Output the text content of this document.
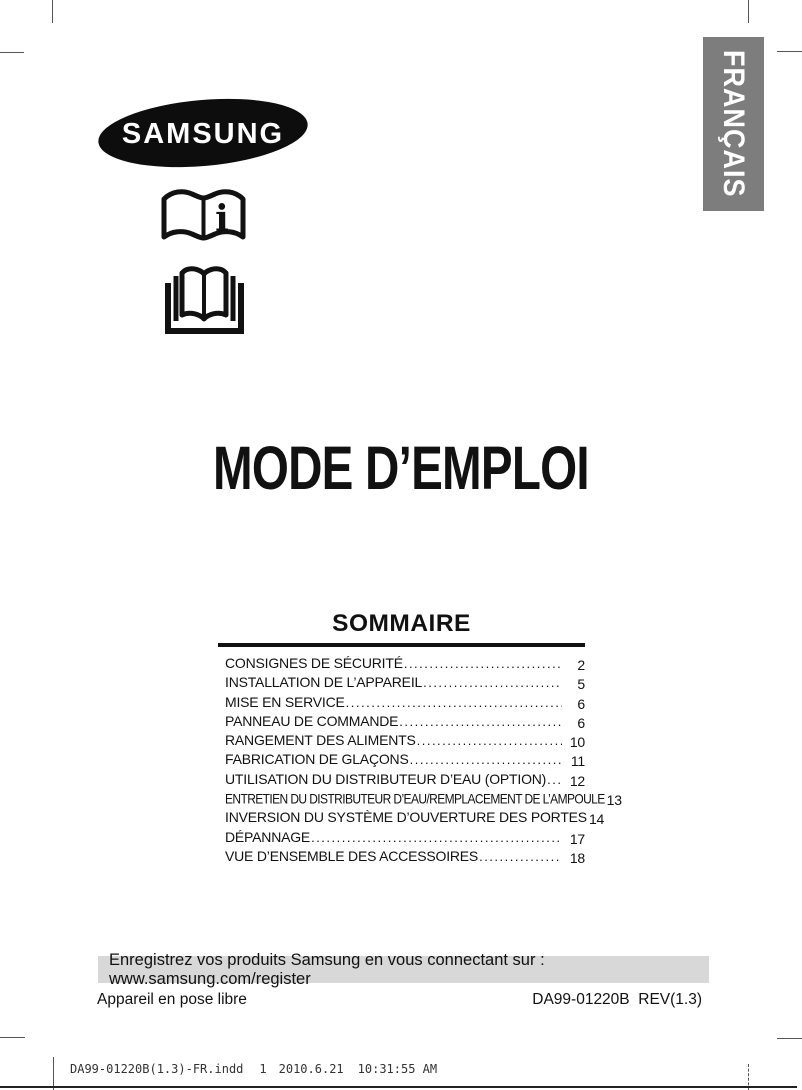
FRANÇAIS
SAMSUNG
i
MODE D’EMPLOI
SOMMAIRE
CONSIGNES DE SÉCURITÉ .....	2
INSTALLATION DE L’APPAREIL .....	5
MISE EN SERVICE .....	6
PANNEAU DE COMMANDE .....	6
RANGEMENT DES ALIMENTS .....	10
FABRICATION DE GLAÇONS .....	11
UTILISATION DU DISTRIBUTEUR D’EAU (OPTION) .....	12
ENTRETIEN DU DISTRIBUTEUR D’EAU/REMPLACEMENT DE L’AMPOULE 13
INVERSION DU SYSTÈME D’OUVERTURE DES PORTES 14
DÉPANNAGE .....	17
VUE D’ENSEMBLE DES ACCESSOIRES .....	18
Enregistrez vos produits Samsung en vous connectant sur : www.samsung.com/register
Appareil en pose libre	DA99-01220B  REV(1.3)
DA99-01220B(1.3)-FR.indd 1 2010.6.21 10:31:55 AM
